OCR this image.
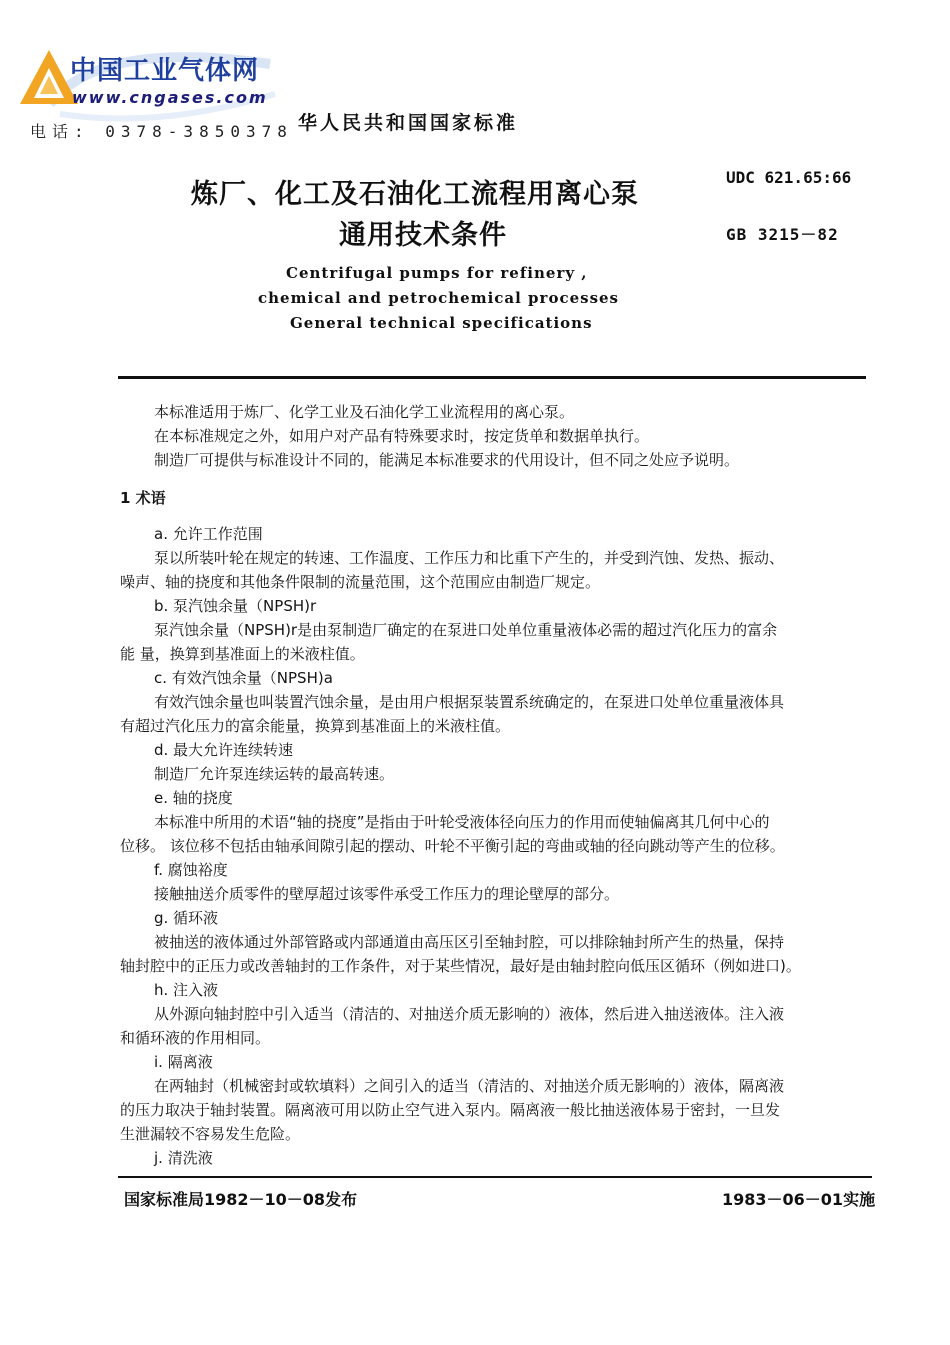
中国工业气体网
www.cngases.com
电话: 0378-3850378 华人民共和国国家标准
炼厂、化工及石油化工流程用离心泵
通用技术条件
UDC 621.65:66
GB 3215－82
Centrifugal pumps for refinery ,
chemical and petrochemical processes
General technical specifications
本标准适用于炼厂、化学工业及石油化学工业流程用的离心泵。
在本标准规定之外，如用户对产品有特殊要求时，按定货单和数据单执行。
制造厂可提供与标准设计不同的，能满足本标准要求的代用设计，但不同之处应予说明。
1 术语
a. 允许工作范围
泵以所装叶轮在规定的转速、工作温度、工作压力和比重下产生的，并受到汽蚀、发热、振动、
噪声、轴的挠度和其他条件限制的流量范围，这个范围应由制造厂规定。
b. 泵汽蚀余量（NPSH)r
泵汽蚀余量（NPSH)r是由泵制造厂确定的在泵进口处单位重量液体必需的超过汽化压力的富余
能 量，换算到基准面上的米液柱值。
c. 有效汽蚀余量（NPSH)a
有效汽蚀余量也叫装置汽蚀余量，是由用户根据泵装置系统确定的，在泵进口处单位重量液体具
有超过汽化压力的富余能量，换算到基准面上的米液柱值。
d. 最大允许连续转速
制造厂允许泵连续运转的最高转速。
e. 轴的挠度
本标准中所用的术语“轴的挠度”是指由于叶轮受液体径向压力的作用而使轴偏离其几何中心的
位移。 该位移不包括由轴承间隙引起的摆动、叶轮不平衡引起的弯曲或轴的径向跳动等产生的位移。
f. 腐蚀裕度
接触抽送介质零件的壁厚超过该零件承受工作压力的理论壁厚的部分。
g. 循环液
被抽送的液体通过外部管路或内部通道由高压区引至轴封腔，可以排除轴封所产生的热量，保持
轴封腔中的正压力或改善轴封的工作条件，对于某些情况，最好是由轴封腔向低压区循环（例如进口)。
h. 注入液
从外源向轴封腔中引入适当（清洁的、对抽送介质无影响的）液体，然后进入抽送液体。注入液
和循环液的作用相同。
i. 隔离液
在两轴封（机械密封或软填料）之间引入的适当（清洁的、对抽送介质无影响的）液体，隔离液
的压力取决于轴封装置。隔离液可用以防止空气进入泵内。隔离液一般比抽送液体易于密封，一旦发
生泄漏较不容易发生危险。
j. 清洗液
国家标准局1982－10－08发布	1983－06－01实施
